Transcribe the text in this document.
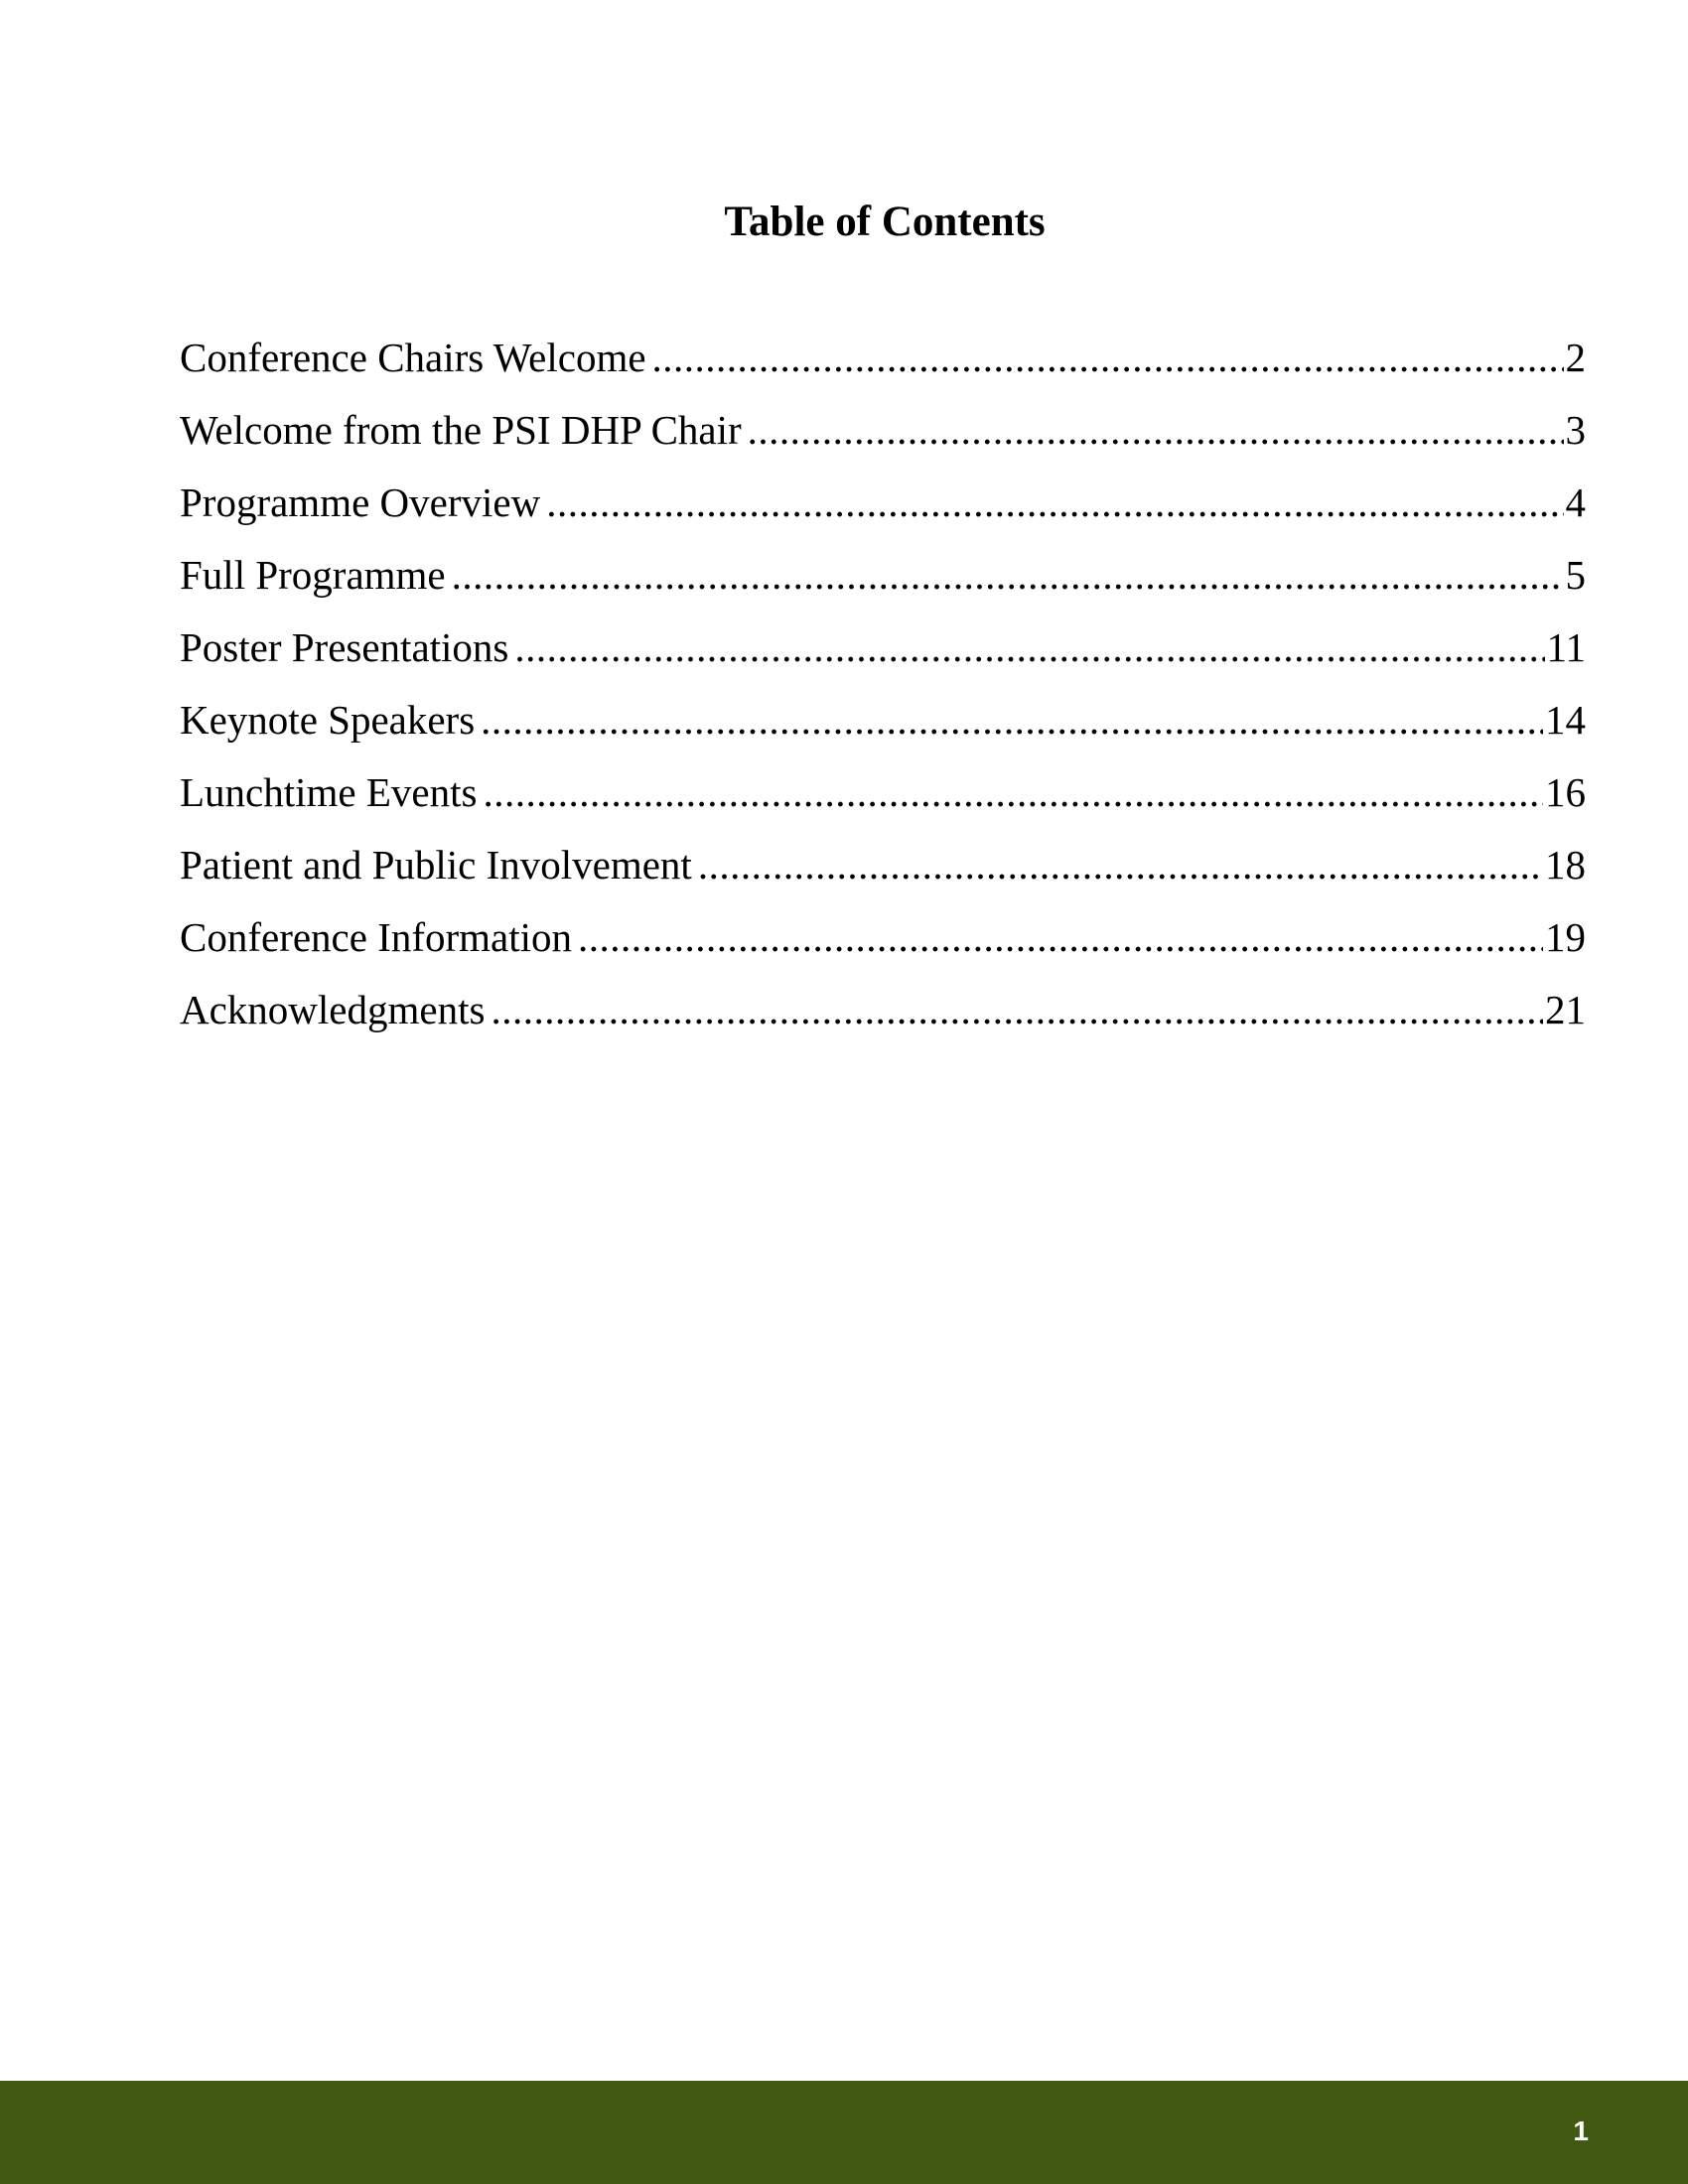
Table of Contents
Conference Chairs Welcome .....	2
Welcome from the PSI DHP Chair .....	3
Programme Overview .....	4
Full Programme .....	5
Poster Presentations .....	11
Keynote Speakers .....	14
Lunchtime Events .....	16
Patient and Public Involvement .....	18
Conference Information .....	19
Acknowledgments .....	21
1
